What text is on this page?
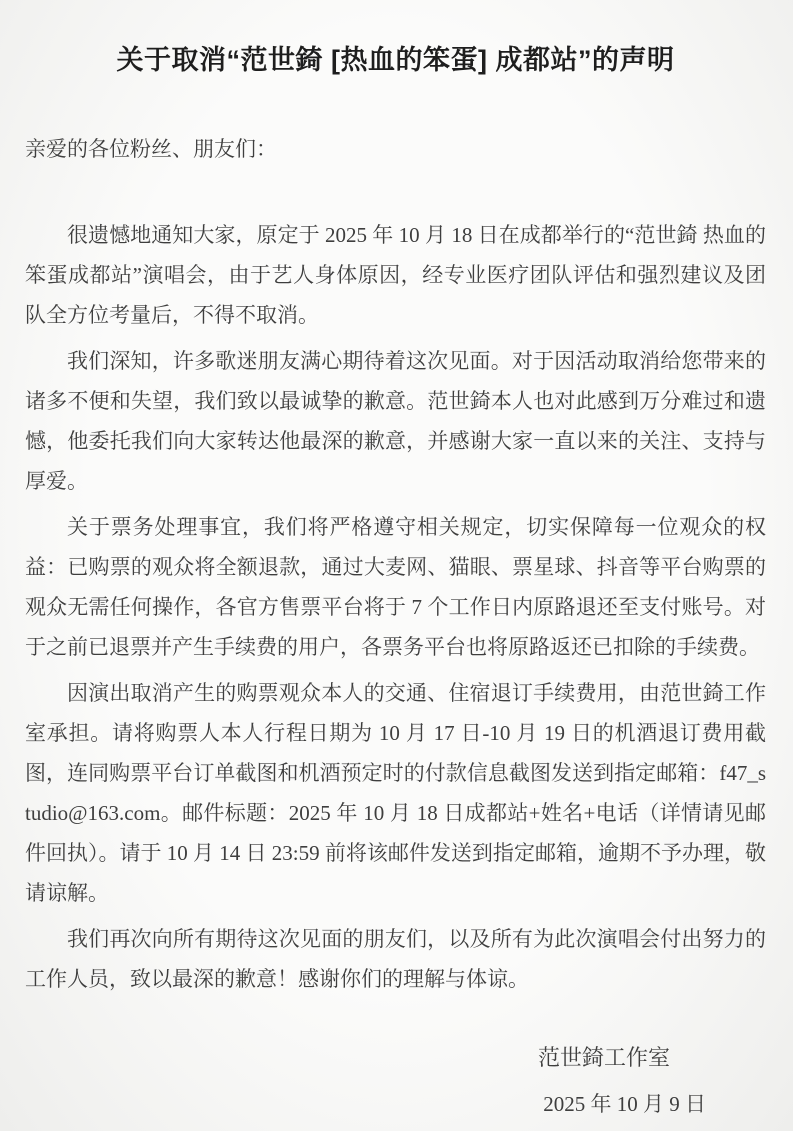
关于取消“范世錡 [热血的笨蛋] 成都站”的声明
亲爱的各位粉丝、朋友们：

很遗憾地通知大家，原定于 2025 年 10 月 18 日在成都举行的“范世錡 热血的笨蛋成都站”演唱会，由于艺人身体原因，经专业医疗团队评估和强烈建议及团队全方位考量后，不得不取消。

我们深知，许多歌迷朋友满心期待着这次见面。对于因活动取消给您带来的诸多不便和失望，我们致以最诚挚的歉意。范世錡本人也对此感到万分难过和遗憾，他委托我们向大家转达他最深的歉意，并感谢大家一直以来的关注、支持与厚爱。

关于票务处理事宜，我们将严格遵守相关规定，切实保障每一位观众的权益：已购票的观众将全额退款，通过大麦网、猫眼、票星球、抖音等平台购票的观众无需任何操作，各官方售票平台将于 7 个工作日内原路退还至支付账号。对于之前已退票并产生手续费的用户，各票务平台也将原路返还已扣除的手续费。

因演出取消产生的购票观众本人的交通、住宿退订手续费用，由范世錡工作室承担。请将购票人本人行程日期为 10 月 17 日-10 月 19 日的机酒退订费用截图，连同购票平台订单截图和机酒预定时的付款信息截图发送到指定邮箱：f47_studio@163.com。邮件标题：2025 年 10 月 18 日成都站+姓名+电话（详情请见邮件回执）。请于 10 月 14 日 23:59 前将该邮件发送到指定邮箱，逾期不予办理，敬请谅解。

我们再次向所有期待这次见面的朋友们，以及所有为此次演唱会付出努力的工作人员，致以最深的歉意！感谢你们的理解与体谅。

范世錡工作室
2025 年 10 月 9 日
